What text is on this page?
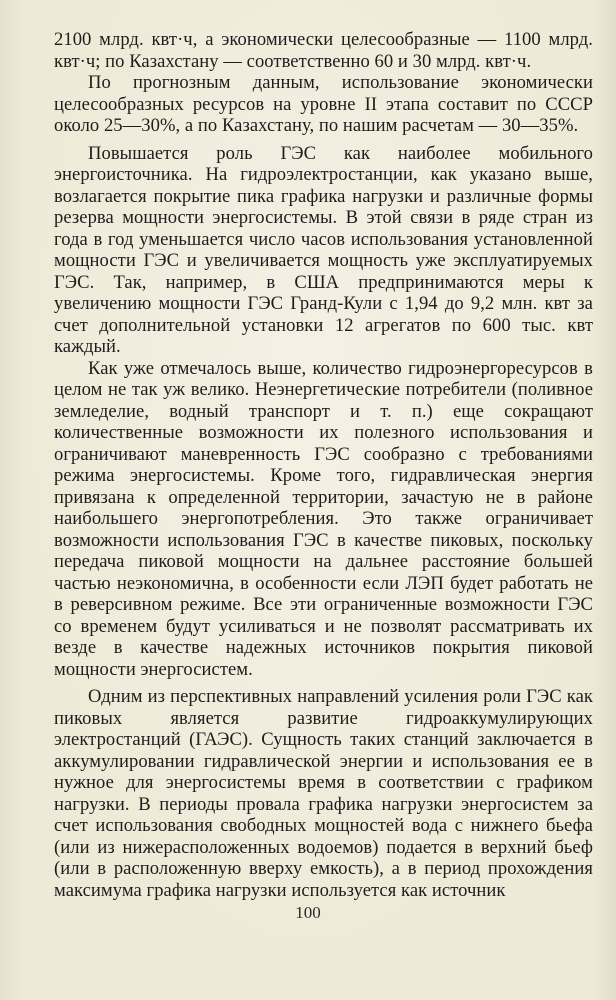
2100 млрд. квт·ч, а экономически целесообразные — 1100 млрд. квт·ч; по Казахстану — соответственно 60 и 30 млрд. квт·ч.

По прогнозным данным, использование экономически целесообразных ресурсов на уровне II этапа составит по СССР около 25—30%, а по Казахстану, по нашим расчетам — 30—35%.

Повышается роль ГЭС как наиболее мобильного энергоисточника. На гидроэлектростанции, как указано выше, возлагается покрытие пика графика нагрузки и различные формы резерва мощности энергосистемы. В этой связи в ряде стран из года в год уменьшается число часов использования установленной мощности ГЭС и увеличивается мощность уже эксплуатируемых ГЭС. Так, например, в США предпринимаются меры к увеличению мощности ГЭС Гранд-Кули с 1,94 до 9,2 млн. квт за счет дополнительной установки 12 агрегатов по 600 тыс. квт каждый.

Как уже отмечалось выше, количество гидроэнергоресурсов в целом не так уж велико. Неэнергетические потребители (поливное земледелие, водный транспорт и т. п.) еще сокращают количественные возможности их полезного использования и ограничивают маневренность ГЭС сообразно с требованиями режима энергосистемы. Кроме того, гидравлическая энергия привязана к определенной территории, зачастую не в районе наибольшего энергопотребления. Это также ограничивает возможности использования ГЭС в качестве пиковых, поскольку передача пиковой мощности на дальнее расстояние большей частью неэкономична, в особенности если ЛЭП будет работать не в реверсивном режиме. Все эти ограниченные возможности ГЭС со временем будут усиливаться и не позволят рассматривать их везде в качестве надежных источников покрытия пиковой мощности энергосистем.

Одним из перспективных направлений усиления роли ГЭС как пиковых является развитие гидроаккумулирующих электростанций (ГАЭС). Сущность таких станций заключается в аккумулировании гидравлической энергии и использования ее в нужное для энергосистемы время в соответствии с графиком нагрузки. В периоды провала графика нагрузки энергосистем за счет использования свободных мощностей вода с нижнего бьефа (или из нижерасположенных водоемов) подается в верхний бьеф (или в расположенную вверху емкость), а в период прохождения максимума графика нагрузки используется как источник

100
